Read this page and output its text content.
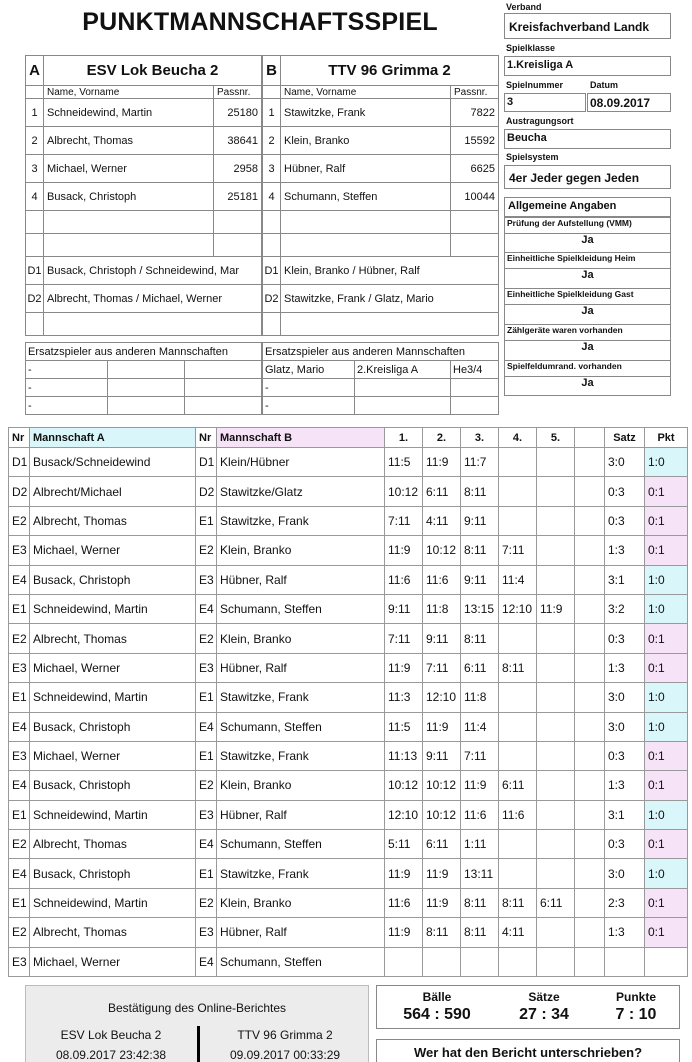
PUNKTMANNSCHAFTSSPIEL
Verband
Kreisfachverband Landk
Spielklasse
1.Kreisliga A
Spielnummer	Datum
3	08.09.2017
Austragungsort
Beucha
Spielsystem
4er Jeder gegen Jeden
Allgemeine Angaben
Prüfung der Aufstellung (VMM)
Ja
Einheitliche Spielkleidung Heim
Ja
Einheitliche Spielkleidung Gast
Ja
Zählgeräte waren vorhanden
Ja
Spielfeldumrand. vorhanden
Ja
A	ESV Lok Beucha 2	
	Name, Vorname	Passnr.
1	Schneidewind, Martin	25180
2	Albrecht, Thomas	38641
3	Michael, Werner	2958
4	Busack, Christoph	25181

D1	Busack, Christoph / Schneidewind, Mar	
D2	Albrecht, Thomas / Michael, Werner	

B	TTV 96 Grimma 2	
	Name, Vorname	Passnr.
1	Stawitzke, Frank	7822
2	Klein, Branko	15592
3	Hübner, Ralf	6625
4	Schumann, Steffen	10044

D1	Klein, Branko / Hübner, Ralf	
D2	Stawitzke, Frank / Glatz, Mario	

Ersatzspieler aus anderen Mannschaften		
-		
-		
-		
Ersatzspieler aus anderen Mannschaften		
Glatz, Mario	2.Kreisliga A	He3/4
-		
-		
Nr	Mannschaft A	Nr	Mannschaft B	1.	2.	3.	4.	5.		Satz	Pkt
D1	Busack/Schneidewind	D1	Klein/Hübner	11:5	11:9	11:7				3:0	1:0
D2	Albrecht/Michael	D2	Stawitzke/Glatz	10:12	6:11	8:11				0:3	0:1
E2	Albrecht, Thomas	E1	Stawitzke, Frank	7:11	4:11	9:11				0:3	0:1
E3	Michael, Werner	E2	Klein, Branko	11:9	10:12	8:11	7:11			1:3	0:1
E4	Busack, Christoph	E3	Hübner, Ralf	11:6	11:6	9:11	11:4			3:1	1:0
E1	Schneidewind, Martin	E4	Schumann, Steffen	9:11	11:8	13:15	12:10	11:9		3:2	1:0
E2	Albrecht, Thomas	E2	Klein, Branko	7:11	9:11	8:11				0:3	0:1
E3	Michael, Werner	E3	Hübner, Ralf	11:9	7:11	6:11	8:11			1:3	0:1
E1	Schneidewind, Martin	E1	Stawitzke, Frank	11:3	12:10	11:8				3:0	1:0
E4	Busack, Christoph	E4	Schumann, Steffen	11:5	11:9	11:4				3:0	1:0
E3	Michael, Werner	E1	Stawitzke, Frank	11:13	9:11	7:11				0:3	0:1
E4	Busack, Christoph	E2	Klein, Branko	10:12	10:12	11:9	6:11			1:3	0:1
E1	Schneidewind, Martin	E3	Hübner, Ralf	12:10	10:12	11:6	11:6			3:1	1:0
E2	Albrecht, Thomas	E4	Schumann, Steffen	5:11	6:11	1:11				0:3	0:1
E4	Busack, Christoph	E1	Stawitzke, Frank	11:9	11:9	13:11				3:0	1:0
E1	Schneidewind, Martin	E2	Klein, Branko	11:6	11:9	8:11	8:11	6:11		2:3	0:1
E2	Albrecht, Thomas	E3	Hübner, Ralf	11:9	8:11	8:11	4:11			1:3	0:1
E3	Michael, Werner	E4	Schumann, Steffen								
Bestätigung des Online-Berichtes
ESV Lok Beucha 2
08.09.2017 23:42:38
TTV 96 Grimma 2
09.09.2017 00:33:29
Bälle
564 : 590
Sätze
27 : 34
Punkte
7 : 10
Wer hat den Bericht unterschrieben?
